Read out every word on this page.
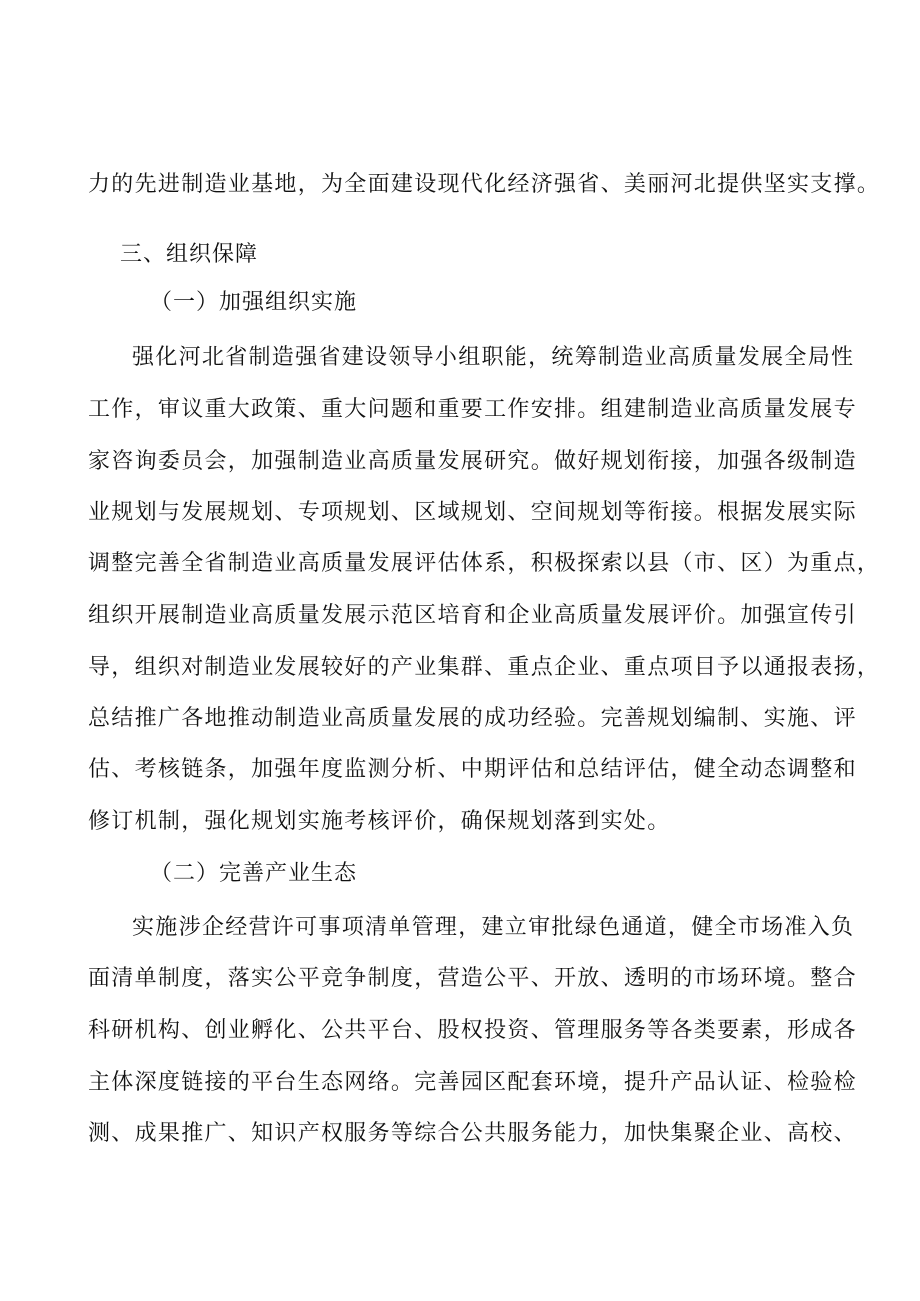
力的先进制造业基地，为全面建设现代化经济强省、美丽河北提供坚实支撑。
三、组织保障
（一）加强组织实施
强化河北省制造强省建设领导小组职能，统筹制造业高质量发展全局性
工作，审议重大政策、重大问题和重要工作安排。组建制造业高质量发展专
家咨询委员会，加强制造业高质量发展研究。做好规划衔接，加强各级制造
业规划与发展规划、专项规划、区域规划、空间规划等衔接。根据发展实际
调整完善全省制造业高质量发展评估体系，积极探索以县（市、区）为重点，
组织开展制造业高质量发展示范区培育和企业高质量发展评价。加强宣传引
导，组织对制造业发展较好的产业集群、重点企业、重点项目予以通报表扬，
总结推广各地推动制造业高质量发展的成功经验。完善规划编制、实施、评
估、考核链条，加强年度监测分析、中期评估和总结评估，健全动态调整和
修订机制，强化规划实施考核评价，确保规划落到实处。
（二）完善产业生态
实施涉企经营许可事项清单管理，建立审批绿色通道，健全市场准入负
面清单制度，落实公平竞争制度，营造公平、开放、透明的市场环境。整合
科研机构、创业孵化、公共平台、股权投资、管理服务等各类要素，形成各
主体深度链接的平台生态网络。完善园区配套环境，提升产品认证、检验检
测、成果推广、知识产权服务等综合公共服务能力，加快集聚企业、高校、
